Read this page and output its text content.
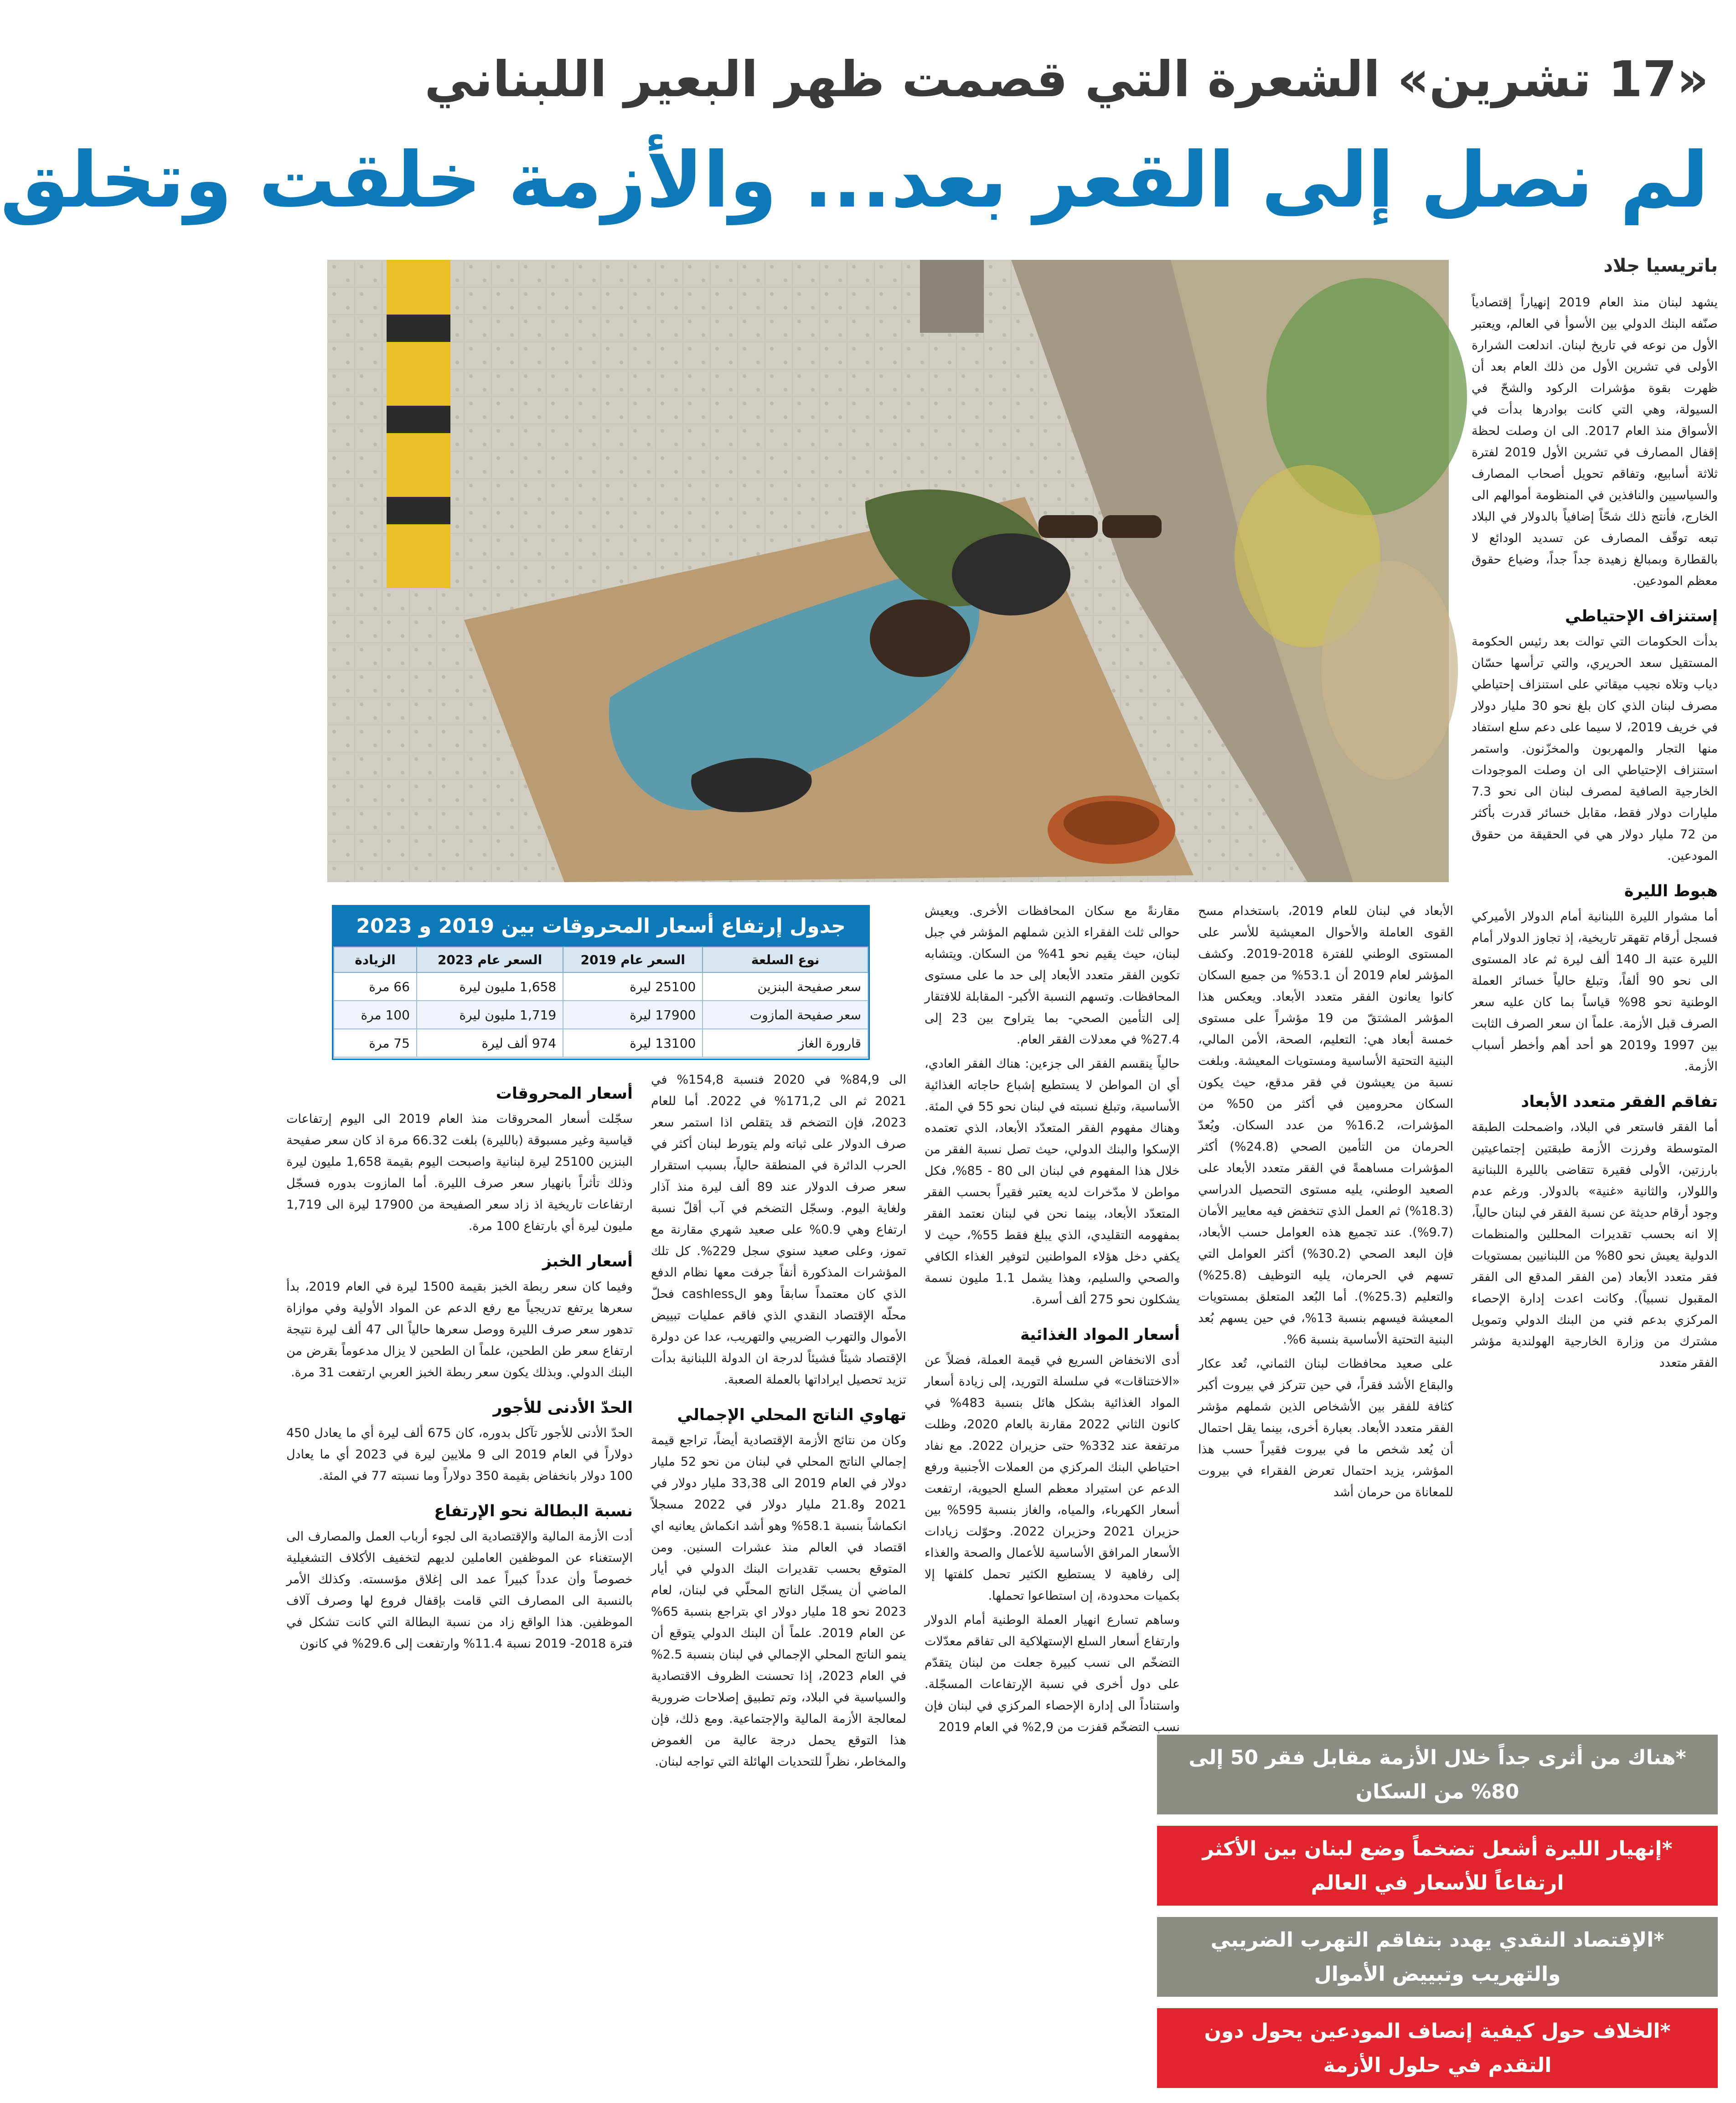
«17 تشرين» الشعرة التي قصمت ظهر البعير اللبناني
لم نصل إلى القعر بعد... والأزمة خلقت وتخلق
باتريسيا جلاد

يشهد لبنان منذ العام 2019 إنهياراً إقتصادياً صنّفه البنك الدولي بين الأسوأ في العالم، ويعتبر الأول من نوعه في تاريخ لبنان. اندلعت الشرارة الأولى في تشرين الأول من ذلك العام بعد أن ظهرت بقوة مؤشرات الركود والشحّ في السيولة، وهي التي كانت بوادرها بدأت في الأسواق منذ العام 2017. الى ان وصلت لحظة إقفال المصارف في تشرين الأول 2019 لفترة ثلاثة أسابيع، وتفاقم تحويل أصحاب المصارف والسياسيين والنافذين في المنظومة أموالهم الى الخارج، فأنتج ذلك شحّاً إضافياً بالدولار في البلاد تبعه توقّف المصارف عن تسديد الودائع لا بالقطارة وبمبالغ زهيدة جداً جداً، وضياع حقوق معظم المودعين.

إستنزاف الإحتياطي

بدأت الحكومات التي توالت بعد رئيس الحكومة المستقيل سعد الحريري، والتي ترأسها حسّان دياب وتلاه نجيب ميقاتي على استنزاف إحتياطي مصرف لبنان الذي كان بلغ نحو 30 مليار دولار في خريف 2019، لا سيما على دعم سلع استفاد منها التجار والمهربون والمخزّنون. واستمر استنزاف الإحتياطي الى ان وصلت الموجودات الخارجية الصافية لمصرف لبنان الى نحو 7.3 مليارات دولار فقط، مقابل خسائر قدرت بأكثر من 72 مليار دولار هي في الحقيقة من حقوق المودعين.

هبوط الليرة

أما مشوار الليرة اللبنانية أمام الدولار الأميركي فسجل أرقام تقهقر تاريخية، إذ تجاوز الدولار أمام الليرة عتبة الـ 140 ألف ليرة ثم عاد المستوى الى نحو 90 ألفاً، وتبلغ حالياً خسائر العملة الوطنية نحو 98% قياساً بما كان عليه سعر الصرف قبل الأزمة. علماً ان سعر الصرف الثابت بين 1997 و2019 هو أحد أهم وأخطر أسباب الأزمة.

تفاقم الفقر متعدد الأبعاد

أما الفقر فاستعر في البلاد، واضمحلت الطبقة المتوسطة وفرزت الأزمة طبقتين إجتماعيتين بارزتين، الأولى فقيرة تتقاضى بالليرة اللبنانية واللولار، والثانية «غنية» بالدولار. ورغم عدم وجود أرقام حديثة عن نسبة الفقر في لبنان حالياً، إلا انه بحسب تقديرات المحللين والمنظمات الدولية يعيش نحو 80% من اللبنانيين بمستويات فقر متعدد الأبعاد (من الفقر المدقع الى الفقر المقبول نسبياً). وكانت اعدت إدارة الإحصاء المركزي بدعم فني من البنك الدولي وتمويل مشترك من وزارة الخارجية الهولندية مؤشر الفقر متعدد

الأبعاد في لبنان للعام 2019، باستخدام مسح القوى العاملة والأحوال المعيشية للأسر على المستوى الوطني للفترة 2018-2019. وكشف المؤشر لعام 2019 أن 53.1% من جميع السكان كانوا يعانون الفقر متعدد الأبعاد. ويعكس هذا المؤشر المشتقّ من 19 مؤشراً على مستوى خمسة أبعاد هي: التعليم، الصحة، الأمن المالي، البنية التحتية الأساسية ومستويات المعيشة. وبلغت نسبة من يعيشون في فقر مدقع، حيث يكون السكان محرومين في أكثر من 50% من المؤشرات، 16.2% من عدد السكان. ويُعدّ الحرمان من التأمين الصحي (24.8%) أكثر المؤشرات مساهمةً في الفقر متعدد الأبعاد على الصعيد الوطني، يليه مستوى التحصيل الدراسي (18.3%) ثم العمل الذي تنخفض فيه معايير الأمان (9.7%). عند تجميع هذه العوامل حسب الأبعاد، فإن البعد الصحي (30.2%) أكثر العوامل التي تسهم في الحرمان، يليه التوظيف (25.8%) والتعليم (25.3%). أما البُعد المتعلق بمستويات المعيشة فيسهم بنسبة 13%، في حين يسهم بُعد البنية التحتية الأساسية بنسبة 6%.

على صعيد محافظات لبنان الثماني، تُعد عكار والبقاع الأشد فقراً، في حين تتركز في بيروت أكبر كثافة للفقر بين الأشخاص الذين شملهم مؤشر الفقر متعدد الأبعاد. بعبارة أخرى، بينما يقل احتمال أن يُعد شخص ما في بيروت فقيراً حسب هذا المؤشر، يزيد احتمال تعرض الفقراء في بيروت للمعاناة من حرمان أشد

مقارنةً مع سكان المحافظات الأخرى. ويعيش حوالى ثلث الفقراء الذين شملهم المؤشر في جبل لبنان، حيث يقيم نحو 41% من السكان. ويتشابه تكوين الفقر متعدد الأبعاد إلى حد ما على مستوى المحافظات. وتسهم النسبة الأكبر- المقابلة للافتقار إلى التأمين الصحي- بما يتراوح بين 23 إلى 27.4% في معدلات الفقر العام.

حالياً ينقسم الفقر الى جزءين: هناك الفقر العادي، أي ان المواطن لا يستطيع إشباع حاجاته الغذائية الأساسية، وتبلغ نسبته في لبنان نحو 55 في المئة. وهناك مفهوم الفقر المتعدّد الأبعاد، الذي تعتمده الإسكوا والبنك الدولي، حيث تصل نسبة الفقر من خلال هذا المفهوم في لبنان الى 80 - 85%، فكل مواطن لا مدّخرات لديه يعتبر فقيراً بحسب الفقر المتعدّد الأبعاد، بينما نحن في لبنان نعتمد الفقر بمفهومه التقليدي، الذي يبلغ فقط 55%، حيث لا يكفي دخل هؤلاء المواطنين لتوفير الغذاء الكافي والصحي والسليم، وهذا يشمل 1.1 مليون نسمة يشكلون نحو 275 ألف أسرة.

أسعار المواد الغذائية

أدى الانخفاض السريع في قيمة العملة، فضلاً عن «الاختناقات» في سلسلة التوريد، إلى زيادة أسعار المواد الغذائية بشكل هائل بنسبة 483% في كانون الثاني 2022 مقارنة بالعام 2020، وظلت مرتفعة عند 332% حتى حزيران 2022. مع نفاد احتياطي البنك المركزي من العملات الأجنبية ورفع الدعم عن استيراد معظم السلع الحيوية، ارتفعت أسعار الكهرباء، والمياه، والغاز بنسبة 595% بين حزيران 2021 وحزيران 2022. وحوّلت زيادات الأسعار المرافق الأساسية للأعمال والصحة والغذاء إلى رفاهية لا يستطيع الكثير تحمل كلفتها إلا بكميات محدودة، إن استطاعوا تحملها.

وساهم تسارع انهيار العملة الوطنية أمام الدولار وارتفاع أسعار السلع الإستهلاكية الى تفاقم معدّلات التضخّم الى نسب كبيرة جعلت من لبنان يتقدّم على دول أخرى في نسبة الإرتفاعات المسجّلة. واستناداً الى إدارة الإحصاء المركزي في لبنان فإن نسب التضخّم قفزت من 2,9% في العام 2019

الى 84,9% في 2020 فنسبة 154,8% في 2021 ثم الى 171,2% في 2022. أما للعام 2023، فإن التضخم قد يتقلص اذا استمر سعر صرف الدولار على ثباته ولم يتورط لبنان أكثر في الحرب الدائرة في المنطقة حالياً، بسبب استقرار سعر صرف الدولار عند 89 ألف ليرة منذ آذار ولغاية اليوم. وسجّل التضخم في آب أقلّ نسبة ارتفاع وهي 0.9% على صعيد شهري مقارنة مع تموز، وعلى صعيد سنوي سجل 229%. كل تلك المؤشرات المذكورة أنفاً جرفت معها نظام الدفع الذي كان معتمداً سابقاً وهو الcashless فحلّ محلّه الإقتصاد النقدي الذي فاقم عمليات تبييض الأموال والتهرب الضريبي والتهريب، عدا عن دولرة الإقتصاد شيئاً فشيئاً لدرجة ان الدولة اللبنانية بدأت تزيد تحصيل ايراداتها بالعملة الصعبة.

تهاوي الناتج المحلي الإجمالي

وكان من نتائج الأزمة الإقتصادية أيضاً، تراجع قيمة إجمالي الناتج المحلي في لبنان من نحو 52 مليار دولار في العام 2019 الى 33,38 مليار دولار في 2021 و21.8 مليار دولار في 2022 مسجلاً انكماشاً بنسبة 58.1% وهو أشد انكماش يعانيه اي اقتصاد في العالم منذ عشرات السنين. ومن المتوقع بحسب تقديرات البنك الدولي في أيار الماضي أن يسجّل الناتج المحلّي في لبنان، لعام 2023 نحو 18 مليار دولار اي بتراجع بنسبة 65% عن العام 2019. علماً أن البنك الدولي يتوقع أن ينمو الناتج المحلي الإجمالي في لبنان بنسبة 2.5% في العام 2023، إذا تحسنت الظروف الاقتصادية والسياسية في البلاد، وتم تطبيق إصلاحات ضرورية لمعالجة الأزمة المالية والإجتماعية. ومع ذلك، فإن هذا التوقع يحمل درجة عالية من الغموض والمخاطر، نظراً للتحديات الهائلة التي تواجه لبنان.

أسعار المحروقات

سجّلت أسعار المحروقات منذ العام 2019 الى اليوم إرتفاعات قياسية وغير مسبوقة (بالليرة) بلغت 66.32 مرة اذ كان سعر صفيحة البنزين 25100 ليرة لبنانية واصبحت اليوم بقيمة 1,658 مليون ليرة وذلك تأثراً بانهيار سعر صرف الليرة. أما المازوت بدوره فسجّل ارتفاعات تاريخية اذ زاد سعر الصفيحة من 17900 ليرة الى 1,719 مليون ليرة أي بارتفاع 100 مرة.

أسعار الخبز

وفيما كان سعر ربطة الخبز بقيمة 1500 ليرة في العام 2019، بدأ سعرها يرتفع تدريجياً مع رفع الدعم عن المواد الأولية وفي موازاة تدهور سعر صرف الليرة ووصل سعرها حالياً الى 47 ألف ليرة نتيجة ارتفاع سعر طن الطحين، علماً ان الطحين لا يزال مدعوماً بقرض من البنك الدولي. وبذلك يكون سعر ربطة الخبز العربي ارتفعت 31 مرة.

الحدّ الأدنى للأجور

الحدّ الأدنى للأجور تآكل بدوره، كان 675 ألف ليرة أي ما يعادل 450 دولاراً في العام 2019 الى 9 ملايين ليرة في 2023 أي ما يعادل 100 دولار بانخفاض بقيمة 350 دولاراً وما نسبته 77 في المئة.

نسبة البطالة نحو الإرتفاع

أدت الأزمة المالية والإقتصادية الى لجوء أرباب العمل والمصارف الى الإستغناء عن الموظفين العاملين لديهم لتخفيف الأكلاف التشغيلية خصوصاً وأن عدداً كبيراً عمد الى إغلاق مؤسسته. وكذلك الأمر بالنسبة الى المصارف التي قامت بإقفال فروع لها وصرف آلاف الموظفين. هذا الواقع زاد من نسبة البطالة التي كانت تشكل في فترة 2018- 2019 نسبة 11.4% وارتفعت إلى 29.6% في كانون

جدول إرتفاع أسعار المحروقات بين 2019 و 2023
نوع السلعة	السعر عام 2019	السعر عام 2023	الزيادة
سعر صفيحة البنزين	25100 ليرة	1,658 مليون ليرة	66 مرة
سعر صفيحة المازوت	17900 ليرة	1,719 مليون ليرة	100 مرة
قارورة الغاز	13100 ليرة	974 ألف ليرة	75 مرة
*هناك من أثرى جداً خلال الأزمة مقابل فقر 50 إلى 80% من السكان
*إنهيار الليرة أشعل تضخماً وضع لبنان بين الأكثر ارتفاعاً للأسعار في العالم
*الإقتصاد النقدي يهدد بتفاقم التهرب الضريبي والتهريب وتبييض الأموال
*الخلاف حول كيفية إنصاف المودعين يحول دون التقدم في حلول الأزمة
